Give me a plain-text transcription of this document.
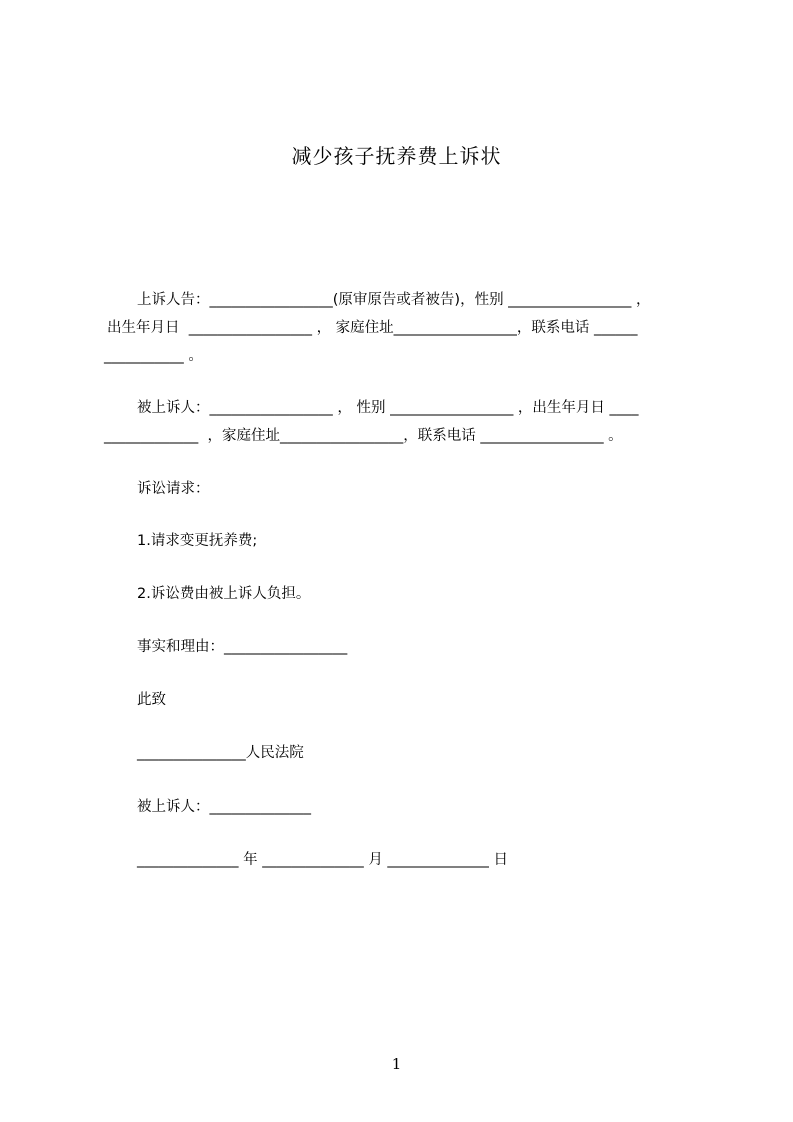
减少孩子抚养费上诉状
上诉人告：_________________(原审原告或者被告)，性别 _________________ ，
出生年月日  _________________ ， 家庭住址_________________，联系电话 ______
___________ 。
被上诉人：_________________ ， 性别 _________________ ，出生年月日 ____
_____________  ，家庭住址_________________，联系电话 _________________ 。
诉讼请求：
1.请求变更抚养费;
2.诉讼费由被上诉人负担。
事实和理由：_________________
此致
_______________人民法院
被上诉人：______________
______________ 年 ______________ 月 ______________ 日
1
